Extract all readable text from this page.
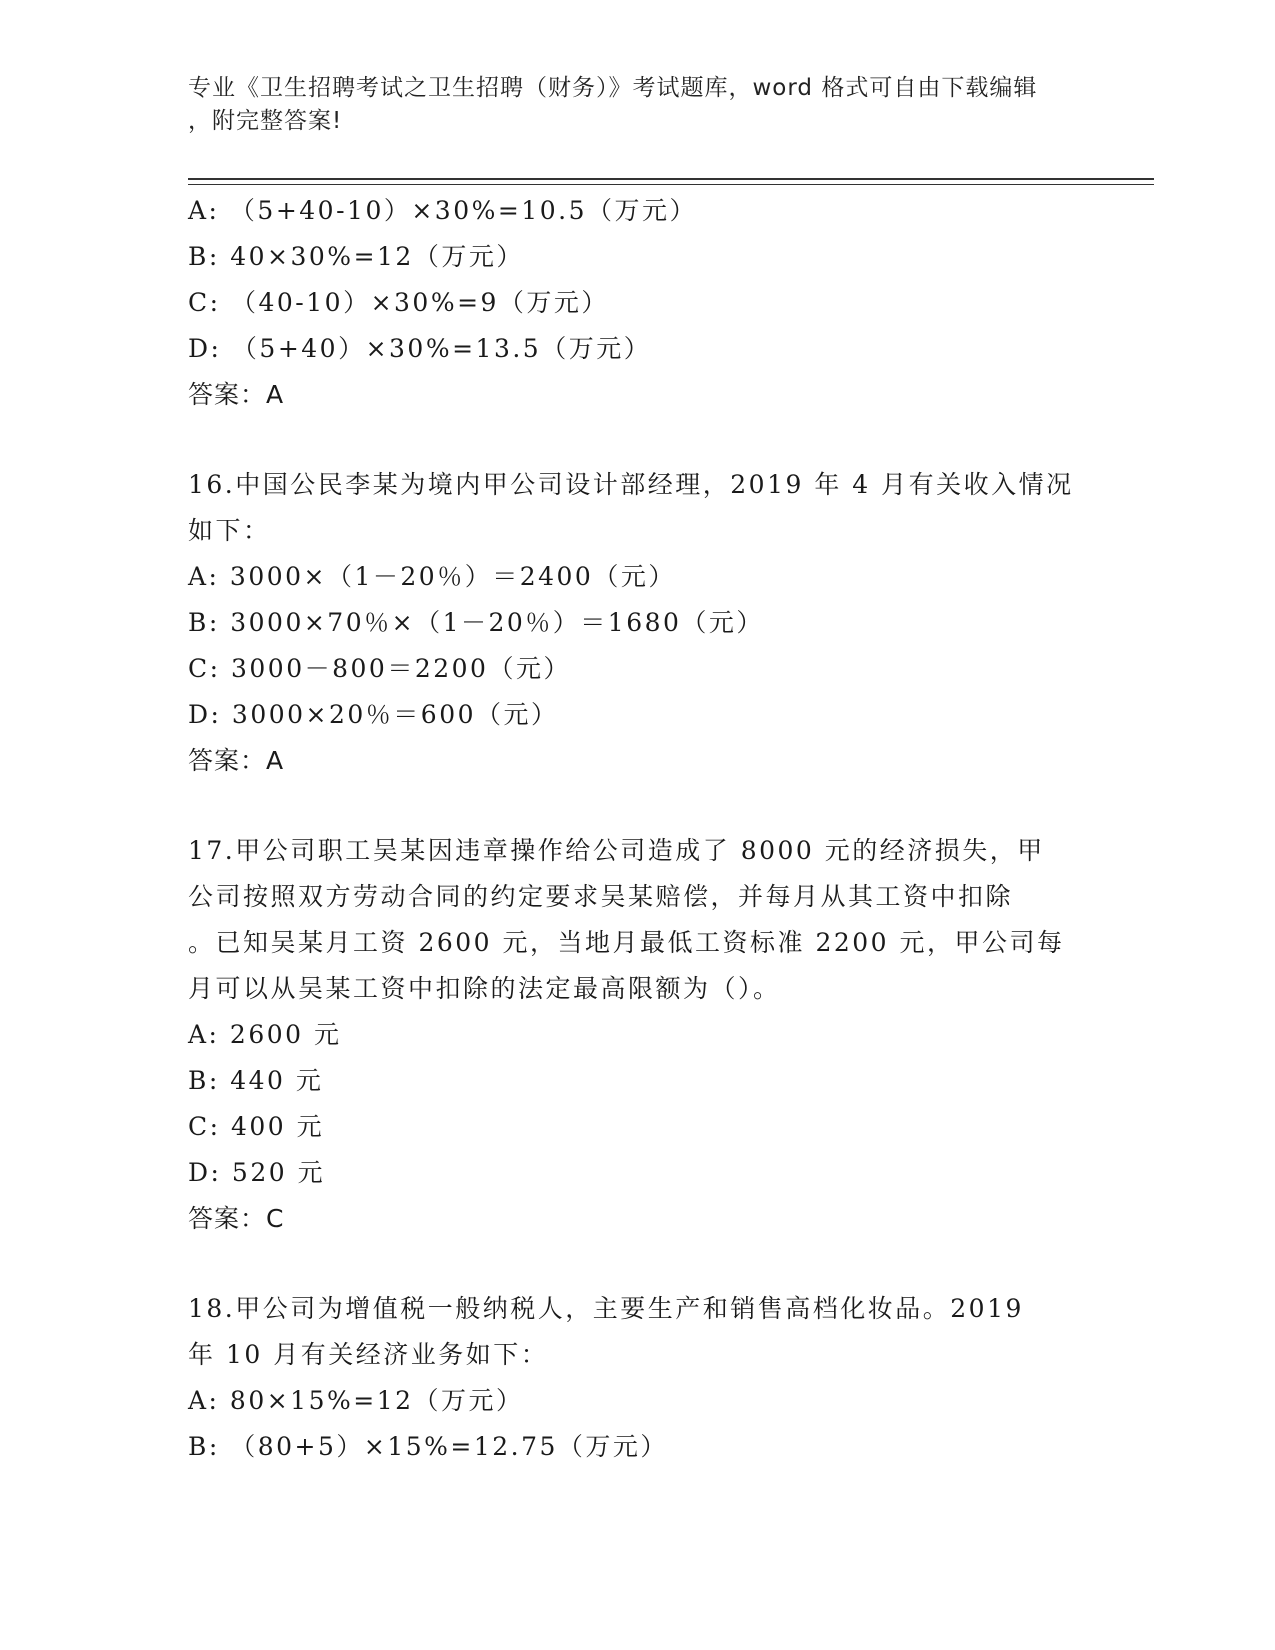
专业《卫生招聘考试之卫生招聘（财务）》考试题库，word 格式可自由下载编辑
，附完整答案!
A: （5+40-10）×30%=10.5（万元）
B: 40×30%=12（万元）
C: （40-10）×30%=9（万元）
D: （5+40）×30%=13.5（万元）
答案：A
16.中国公民李某为境内甲公司设计部经理，2019 年 4 月有关收入情况
如下：
A: 3000×（1－20％）＝2400（元）
B: 3000×70％×（1－20％）＝1680（元）
C: 3000－800＝2200（元）
D: 3000×20％＝600（元）
答案：A
17.甲公司职工吴某因违章操作给公司造成了 8000 元的经济损失，甲
公司按照双方劳动合同的约定要求吴某赔偿，并每月从其工资中扣除
。已知吴某月工资 2600 元，当地月最低工资标准 2200 元，甲公司每
月可以从吴某工资中扣除的法定最高限额为（）。
A: 2600 元
B: 440 元
C: 400 元
D: 520 元
答案：C
18.甲公司为增值税一般纳税人，主要生产和销售高档化妆品。2019
年 10 月有关经济业务如下：
A: 80×15%=12（万元）
B: （80+5）×15%=12.75（万元）
